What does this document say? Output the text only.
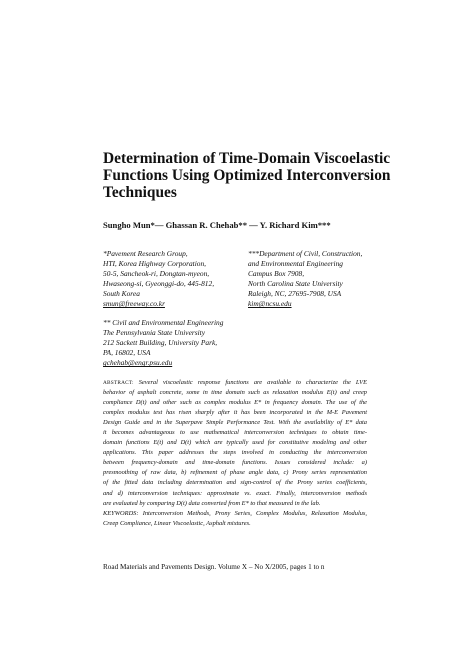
Determination of Time-Domain Viscoelastic
Functions Using Optimized Interconversion
Techniques
Sungho Mun*— Ghassan R. Chehab** — Y. Richard Kim***
*Pavement Research Group,
HTI, Korea Highway Corporation,
50-5, Sancheok-ri, Dongtan-myeon,
Hwaseong-si, Gyeonggi-do, 445-812,
South Korea
smun@freeway.co.kr
***Department of Civil, Construction,
and Environmental Engineering
Campus Box 7908,
North Carolina State University
Raleigh, NC, 27695-7908, USA
kim@ncsu.edu
** Civil and Environmental Engineering
The Pennsylvania State University
212 Sackett Building, University Park,
PA, 16802, USA
gchehab@engr.psu.edu
ABSTRACT: Several viscoelastic response functions are available to characterize the LVE
behavior of asphalt concrete, some in time domain such as relaxation modulus E(t) and creep
compliance D(t) and other such as complex modulus E* in frequency domain. The use of the
complex modulus test has risen sharply after it has been incorporated in the M-E Pavement
Design Guide and in the Superpave Simple Performance Test. With the availability of E* data
it becomes advantageous to use mathematical interconversion techniques to obtain time-
domain functions E(t) and D(t) which are typically used for constitutive modeling and other
applications. This paper addresses the steps involved in conducting the interconversion
between frequency-domain and time-domain functions. Issues considered include: a)
presmoothing of raw data, b) refinement of phase angle data, c) Prony series representation
of the fitted data including determination and sign-control of the Prony series coefficients,
and d) interconversion techniques: approximate vs. exact. Finally, interconversion methods
are evaluated by comparing D(t) data converted from E* to that measured in the lab.
KEYWORDS: Interconversion Methods, Prony Series, Complex Modulus, Relaxation Modulus,
Creep Compliance, Linear Viscoelastic, Asphalt mixtures.
Road Materials and Pavements Design. Volume X – No X/2005, pages 1 to n
